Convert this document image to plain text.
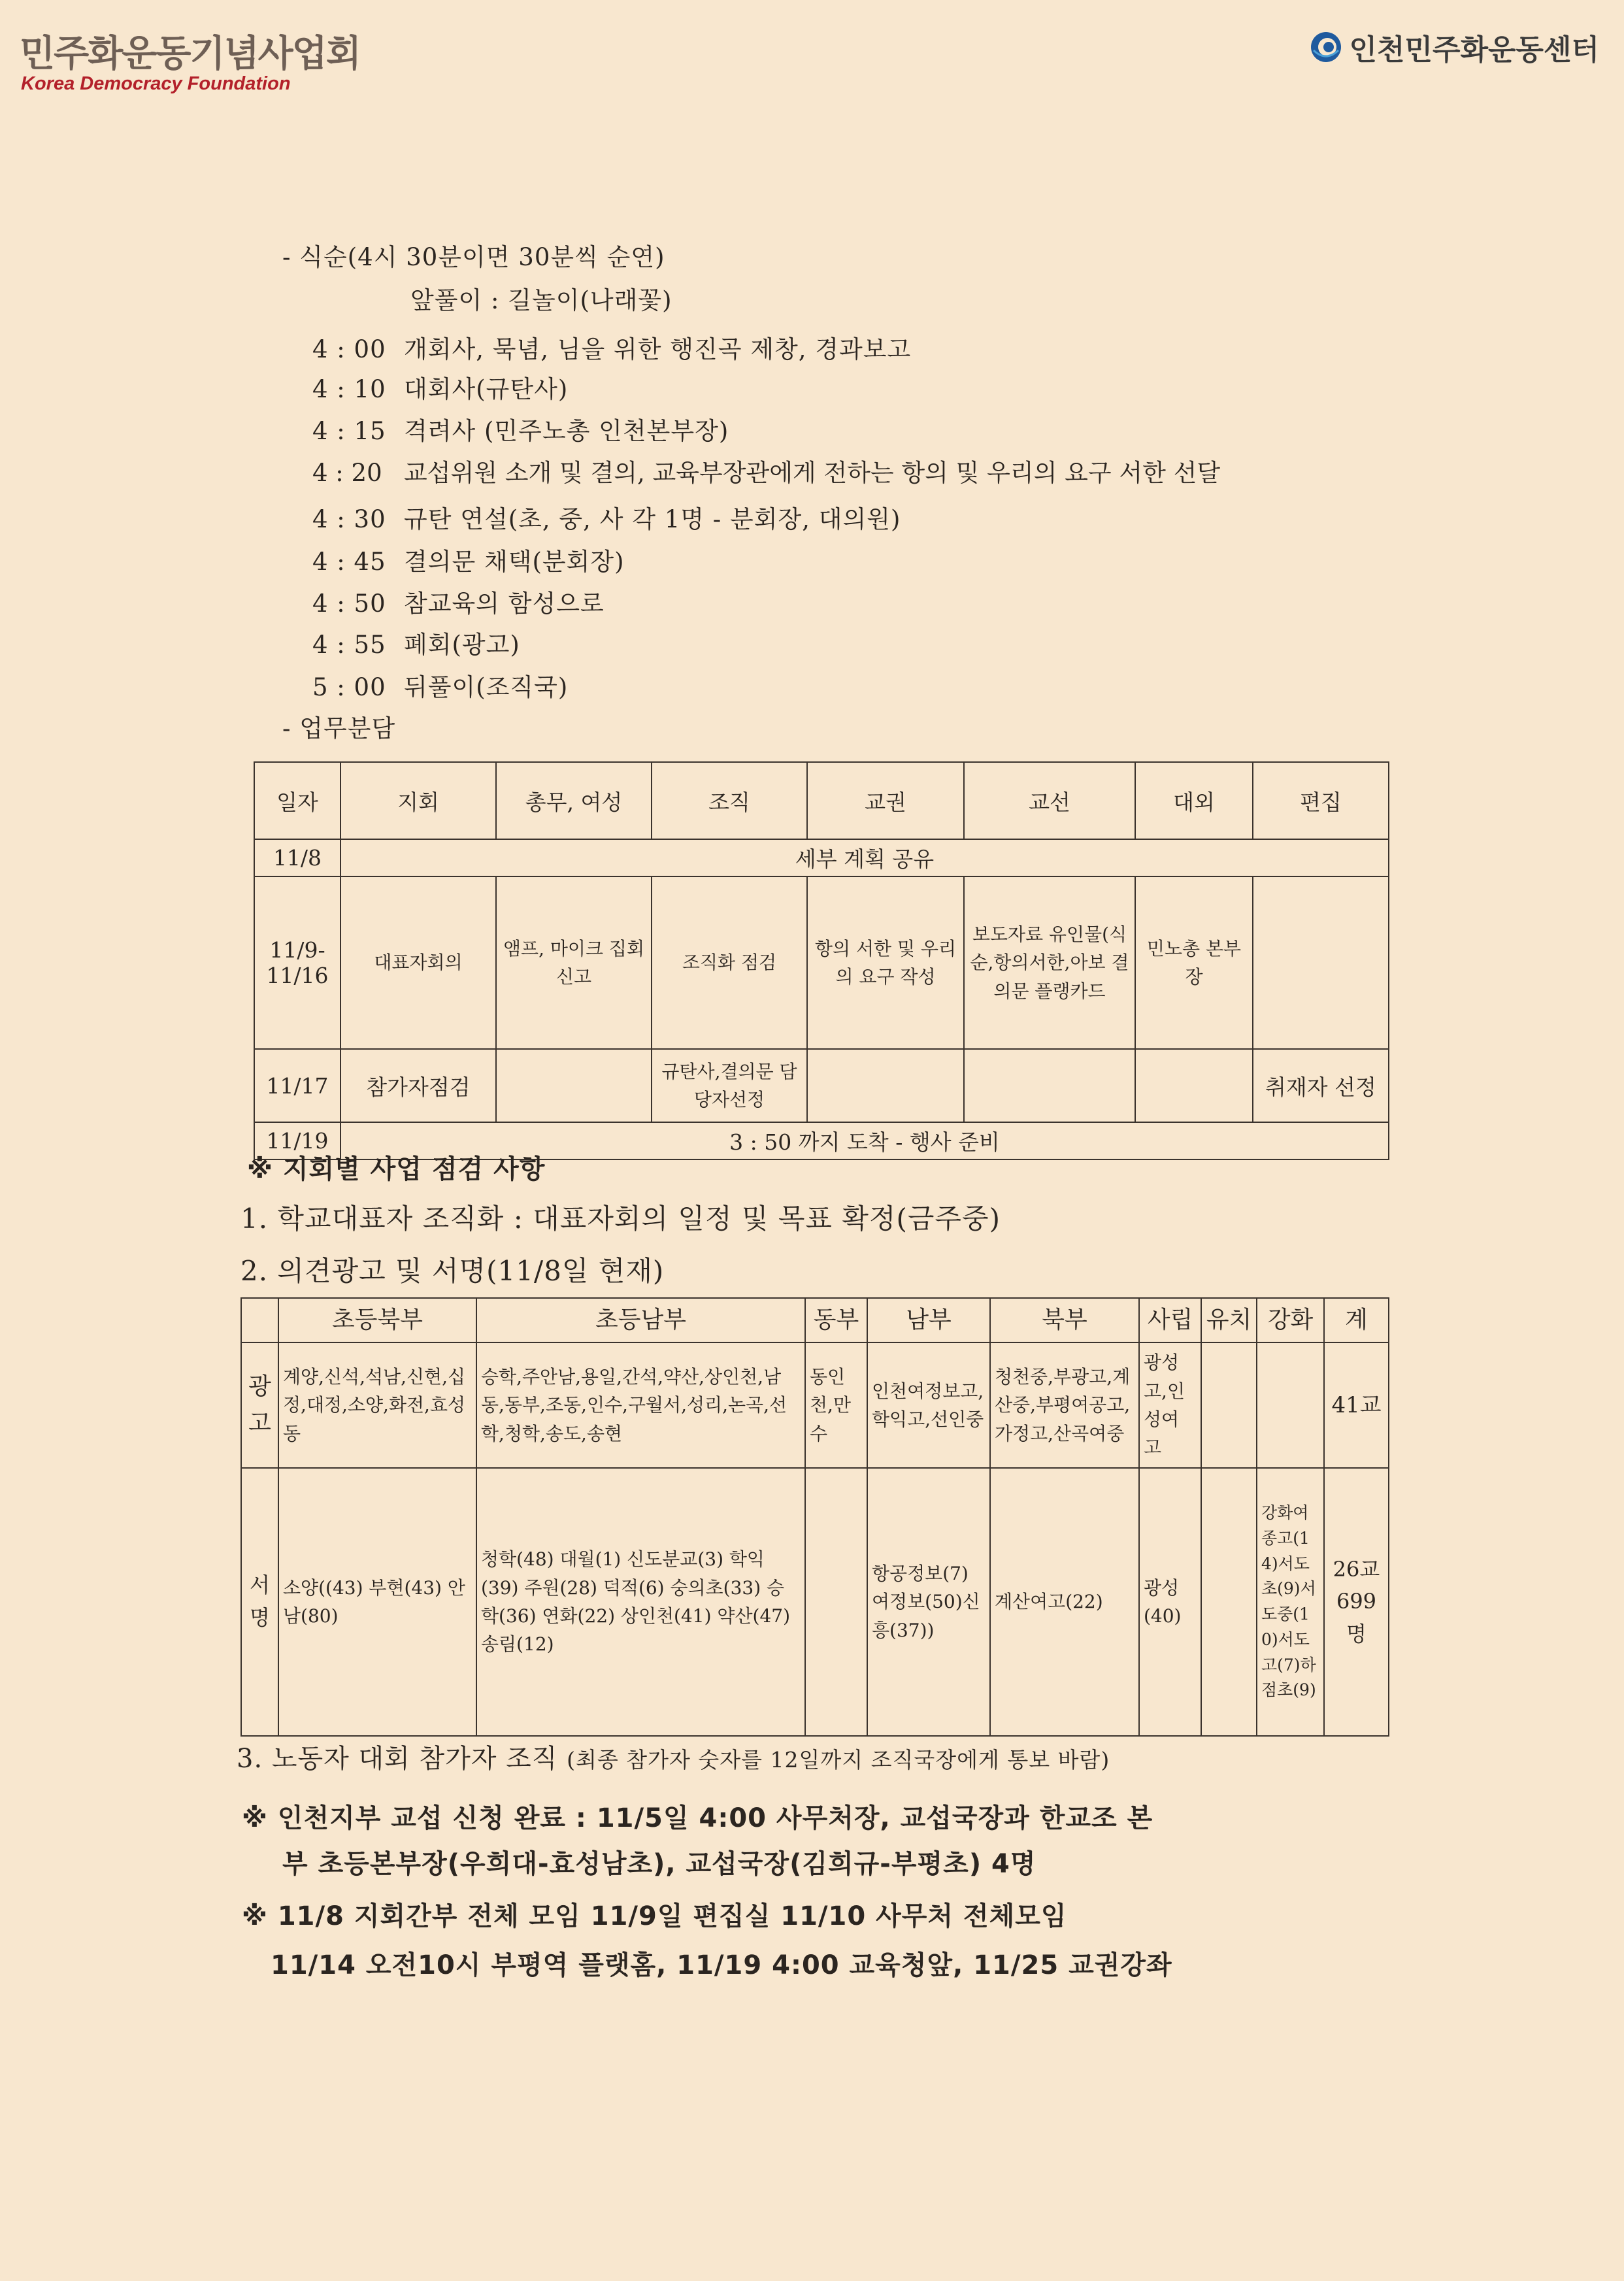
민주화운동기념사업회
Korea Democracy Foundation
인천민주화운동센터
- 식순(4시 30분이면 30분씩 순연)
앞풀이 : 길놀이(나래꽃)
4 : 00 개회사, 묵념, 님을 위한 행진곡 제창, 경과보고
4 : 10 대회사(규탄사)
4 : 15 격려사 (민주노총 인천본부장)
4 : 20 교섭위원 소개 및 결의, 교육부장관에게 전하는 항의 및 우리의 요구 서한 선달
4 : 30 규탄 연설(초, 중, 사 각 1명 - 분회장, 대의원)
4 : 45 결의문 채택(분회장)
4 : 50 참교육의 함성으로
4 : 55 폐회(광고)
5 : 00 뒤풀이(조직국)
- 업무분담
일자	지회	총무, 여성	조직	교권	교선	대외	편집
11/8	세부 계획 공유						
11/9-11/16	대표자회의	앰프, 마이크 집회신고	조직화 점검	항의 서한 및 우리의 요구 작성	보도자료 유인물(식순,항의서한,아보 결의문 플랭카드	민노총 본부장	
11/17	참가자점검		규탄사,결의문 담당자선정				취재자 선정
11/19	3 : 50 까지 도착 - 행사 준비						
※ 지회별 사업 점검 사항
1. 학교대표자 조직화 : 대표자회의 일정 및 목표 확정(금주중)
2. 의견광고 및 서명(11/8일 현재)
	초등북부	초등남부	동부	남부	북부	사립	유치	강화	계
광고	계양,신석,석남,신현,십정,대정,소양,화전,효성동	승학,주안남,용일,간석,약산,상인천,남동,동부,조동,인수,구월서,성리,논곡,선학,청학,송도,송현	동인천,만수	인천여정보고,학익고,선인중	청천중,부광고,계산중,부평여공고,가정고,산곡여중	광성고,인성여고			41교
서명	소양((43) 부현(43) 안남(80)	청학(48) 대월(1) 신도분교(3) 학익(39) 주원(28) 덕적(6) 숭의초(33) 승학(36) 연화(22) 상인천(41) 약산(47) 송림(12)		항공정보(7)여정보(50)신흥(37))	계산여고(22)	광성(40)		강화여종고(14)서도초(9)서도중(10)서도고(7)하점초(9)	26교 699명
3. 노동자 대회 참가자 조직 (최종 참가자 숫자를 12일까지 조직국장에게 통보 바람)
※ 인천지부 교섭 신청 완료 : 11/5일 4:00 사무처장, 교섭국장과 한교조 본
부 초등본부장(우희대-효성남초), 교섭국장(김희규-부평초) 4명
※ 11/8 지회간부 전체 모임 11/9일 편집실 11/10 사무처 전체모임
11/14 오전10시 부평역 플랫홈, 11/19 4:00 교육청앞, 11/25 교권강좌
